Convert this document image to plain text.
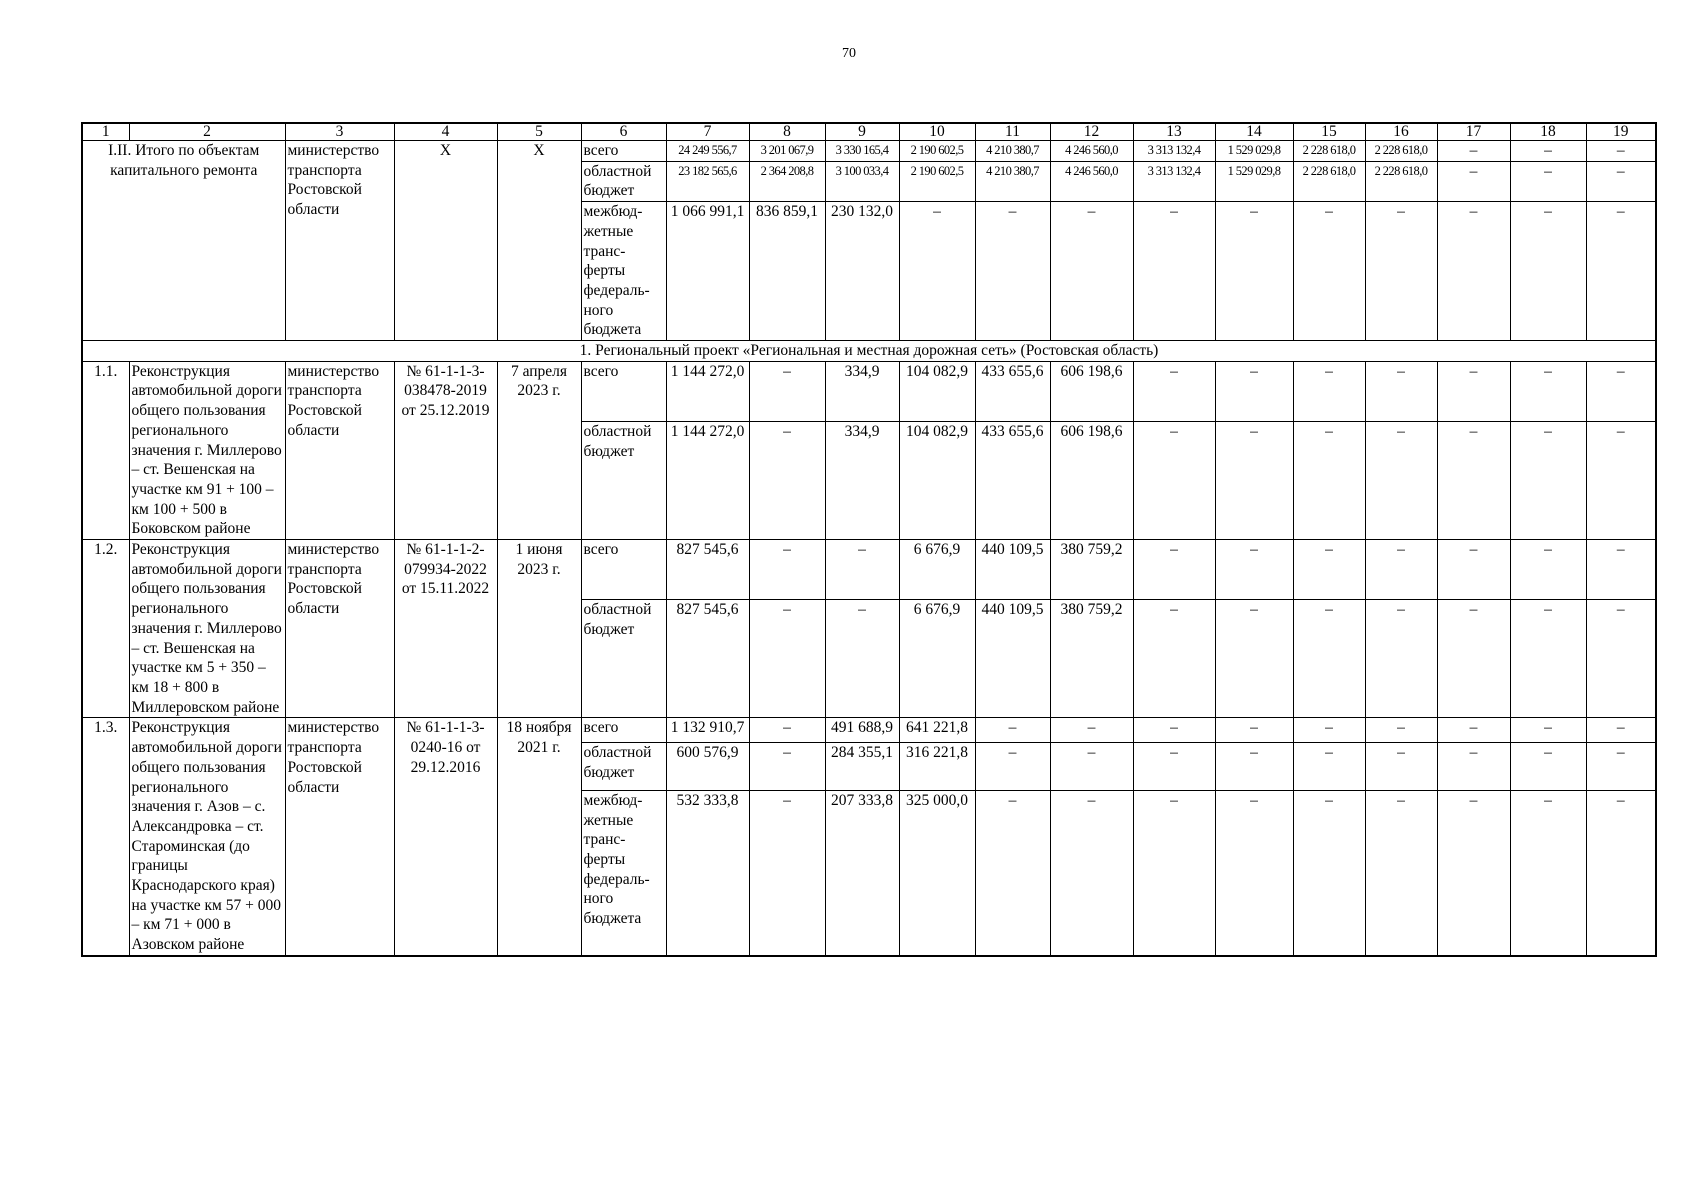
70
1	2	3	4	5	6	7	8	9	10	11	12	13	14	15	16	17	18	19
I.II. Итого по объектам капитального ремонта		министерство транспорта Ростовской области	Х	Х	всего	24 249 556,7	3 201 067,9	3 330 165,4	2 190 602,5	4 210 380,7	4 246 560,0	3 313 132,4	1 529 029,8	2 228 618,0	2 228 618,0	–	–	–
					областной бюджет	23 182 565,6	2 364 208,8	3 100 033,4	2 190 602,5	4 210 380,7	4 246 560,0	3 313 132,4	1 529 029,8	2 228 618,0	2 228 618,0	–	–	–
					межбюд-жетные транс-ферты федераль-ного бюджета	1 066 991,1	836 859,1	230 132,0	–	–	–	–	–	–	–	–	–	–
1. Региональный проект «Региональная и местная дорожная сеть» (Ростовская область)																		
1.1.	Реконструкция автомобильной дороги общего пользования регионального значения г. Миллерово – ст. Вешенская на участке км 91 + 100 – км 100 + 500 в Боковском районе	министерство транспорта Ростовской области	№ 61-1-1-3-038478-2019 от 25.12.2019	7 апреля 2023 г.	всего	1 144 272,0	–	334,9	104 082,9	433 655,6	606 198,6	–	–	–	–	–	–	–
					областной бюджет	1 144 272,0	–	334,9	104 082,9	433 655,6	606 198,6	–	–	–	–	–	–	–
1.2.	Реконструкция автомобильной дороги общего пользования регионального значения г. Миллерово – ст. Вешенская на участке км 5 + 350 – км 18 + 800 в Миллеровском районе	министерство транспорта Ростовской области	№ 61-1-1-2-079934-2022 от 15.11.2022	1 июня 2023 г.	всего	827 545,6	–	–	6 676,9	440 109,5	380 759,2	–	–	–	–	–	–	–
					областной бюджет	827 545,6	–	–	6 676,9	440 109,5	380 759,2	–	–	–	–	–	–	–
1.3.	Реконструкция автомобильной дороги общего пользования регионального значения г. Азов – с. Александровка – ст. Староминская (до границы Краснодарского края) на участке км 57 + 000 – км 71 + 000 в Азовском районе	министерство транспорта Ростовской области	№ 61-1-1-3-0240-16 от 29.12.2016	18 ноября 2021 г.	всего	1 132 910,7	–	491 688,9	641 221,8	–	–	–	–	–	–	–	–	–
					областной бюджет	600 576,9	–	284 355,1	316 221,8	–	–	–	–	–	–	–	–	–
					межбюд-жетные транс-ферты федераль-ного бюджета	532 333,8	–	207 333,8	325 000,0	–	–	–	–	–	–	–	–	–
